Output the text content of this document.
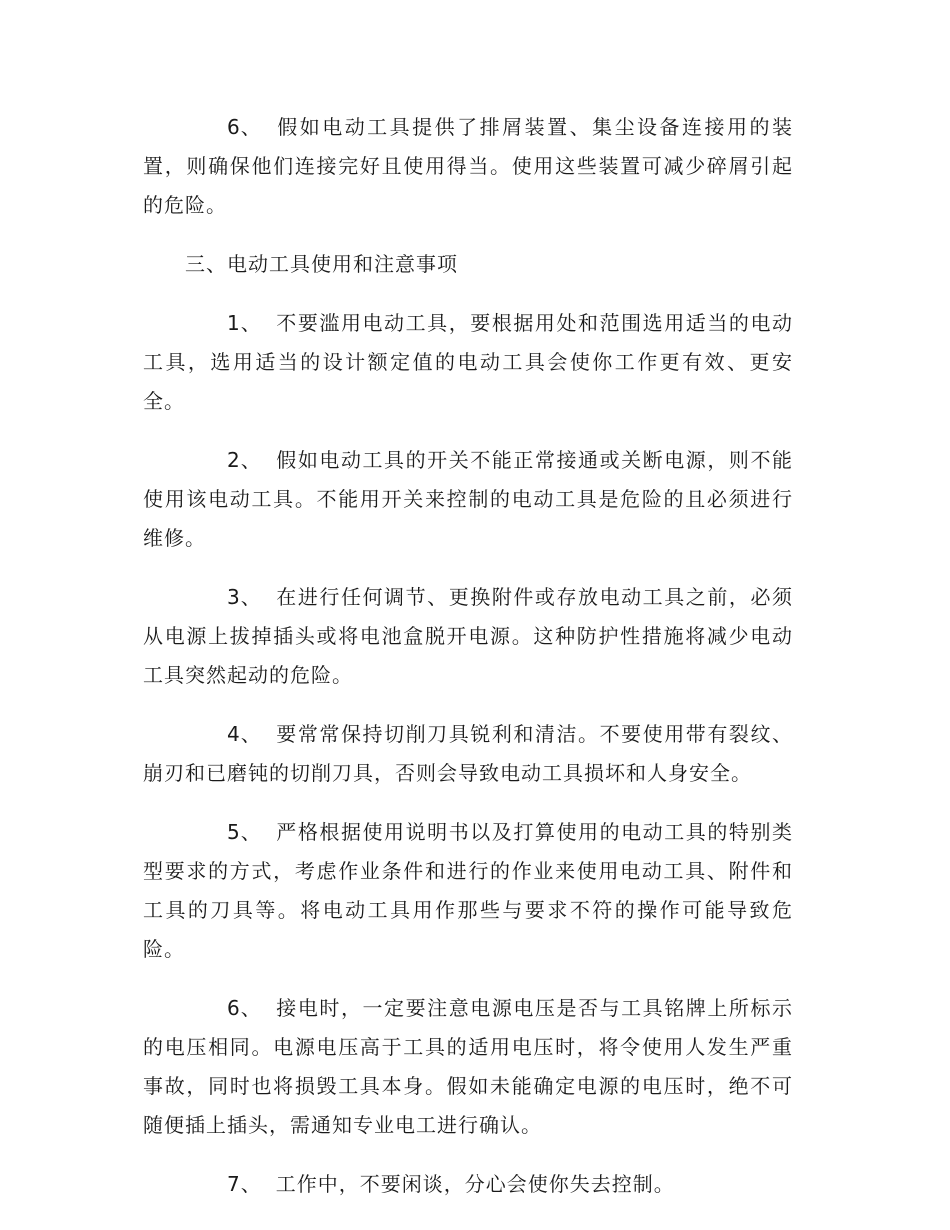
6、 假如电动工具提供了排屑装置、集尘设备连接用的装置，则确保他们连接完好且使用得当。使用这些装置可减少碎屑引起的危险。

三、电动工具使用和注意事项

1、 不要滥用电动工具，要根据用处和范围选用适当的电动工具，选用适当的设计额定值的电动工具会使你工作更有效、更安全。

2、 假如电动工具的开关不能正常接通或关断电源，则不能使用该电动工具。不能用开关来控制的电动工具是危险的且必须进行维修。

3、 在进行任何调节、更换附件或存放电动工具之前，必须从电源上拔掉插头或将电池盒脱开电源。这种防护性措施将减少电动工具突然起动的危险。

4、 要常常保持切削刀具锐利和清洁。不要使用带有裂纹、崩刃和已磨钝的切削刀具，否则会导致电动工具损坏和人身安全。

5、 严格根据使用说明书以及打算使用的电动工具的特别类型要求的方式，考虑作业条件和进行的作业来使用电动工具、附件和工具的刀具等。将电动工具用作那些与要求不符的操作可能导致危险。

6、 接电时，一定要注意电源电压是否与工具铭牌上所标示的电压相同。电源电压高于工具的适用电压时，将令使用人发生严重事故，同时也将损毁工具本身。假如未能确定电源的电压时，绝不可随便插上插头，需通知专业电工进行确认。

7、 工作中，不要闲谈，分心会使你失去控制。
